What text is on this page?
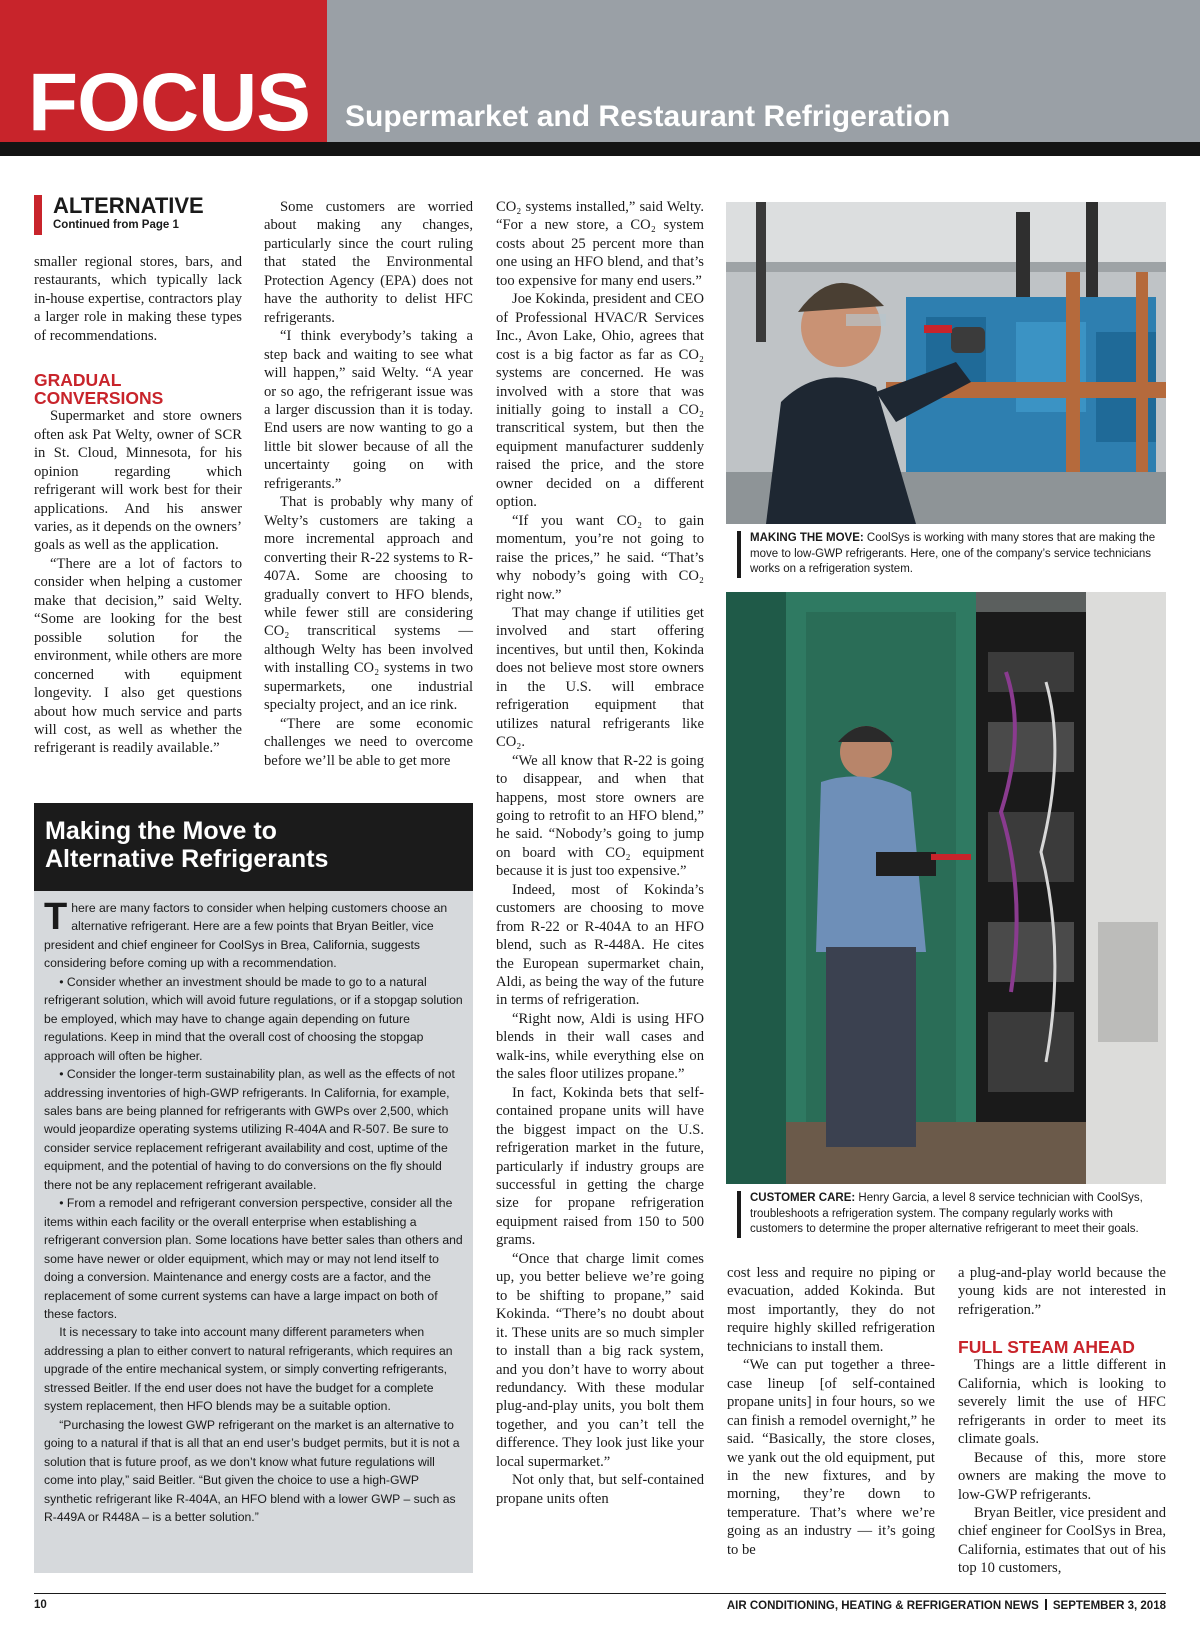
FOCUS Supermarket and Restaurant Refrigeration
ALTERNATIVE
Continued from Page 1

smaller regional stores, bars, and restaurants, which typically lack in-house expertise, contractors play a larger role in making these types of recommendations.

GRADUAL CONVERSIONS

Supermarket and store owners often ask Pat Welty, owner of SCR in St. Cloud, Minnesota, for his opinion regarding which refrigerant will work best for their applications. And his answer varies, as it depends on the owners’ goals as well as the application.

“There are a lot of factors to consider when helping a customer make that decision,” said Welty. “Some are looking for the best possible solution for the environment, while others are more concerned with equipment longevity. I also get questions about how much service and parts will cost, as well as whether the refrigerant is readily available.”

Some customers are worried about making any changes, particularly since the court ruling that stated the Environmental Protection Agency (EPA) does not have the authority to delist HFC refrigerants.

“I think everybody’s taking a step back and waiting to see what will happen,” said Welty. “A year or so ago, the refrigerant issue was a larger discussion than it is today. End users are now wanting to go a little bit slower because of all the uncertainty going on with refrigerants.”

That is probably why many of Welty’s customers are taking a more incremental approach and converting their R-22 systems to R-407A. Some are choosing to gradually convert to HFO blends, while fewer still are considering CO₂ transcritical systems — although Welty has been involved with installing CO₂ systems in two supermarkets, one industrial specialty project, and an ice rink.

“There are some economic challenges we need to overcome before we’ll be able to get more

Making the Move to
Alternative Refrigerants

There are many factors to consider when helping customers choose an alternative refrigerant. Here are a few points that Bryan Beitler, vice president and chief engineer for CoolSys in Brea, California, suggests considering before coming up with a recommendation.

• Consider whether an investment should be made to go to a natural refrigerant solution, which will avoid future regulations, or if a stopgap solution be employed, which may have to change again depending on future regulations. Keep in mind that the overall cost of choosing the stopgap approach will often be higher.

• Consider the longer-term sustainability plan, as well as the effects of not addressing inventories of high-GWP refrigerants. In California, for example, sales bans are being planned for refrigerants with GWPs over 2,500, which would jeopardize operating systems utilizing R-404A and R-507. Be sure to consider service replacement refrigerant availability and cost, uptime of the equipment, and the potential of having to do conversions on the fly should there not be any replacement refrigerant available.

• From a remodel and refrigerant conversion perspective, consider all the items within each facility or the overall enterprise when establishing a refrigerant conversion plan. Some locations have better sales than others and some have newer or older equipment, which may or may not lend itself to doing a conversion. Maintenance and energy costs are a factor, and the replacement of some current systems can have a large impact on both of these factors.

It is necessary to take into account many different parameters when addressing a plan to either convert to natural refrigerants, which requires an upgrade of the entire mechanical system, or simply converting refrigerants, stressed Beitler. If the end user does not have the budget for a complete system replacement, then HFO blends may be a suitable option.

“Purchasing the lowest GWP refrigerant on the market is an alternative to going to a natural if that is all that an end user’s budget permits, but it is not a solution that is future proof, as we don’t know what future regulations will come into play,” said Beitler. “But given the choice to use a high-GWP synthetic refrigerant like R-404A, an HFO blend with a lower GWP – such as R-449A or R448A – is a better solution.”

CO₂ systems installed,” said Welty. “For a new store, a CO₂ system costs about 25 percent more than one using an HFO blend, and that’s too expensive for many end users.”

Joe Kokinda, president and CEO of Professional HVAC/R Services Inc., Avon Lake, Ohio, agrees that cost is a big factor as far as CO₂ systems are concerned. He was involved with a store that was initially going to install a CO₂ transcritical system, but then the equipment manufacturer suddenly raised the price, and the store owner decided on a different option.

“If you want CO₂ to gain momentum, you’re not going to raise the prices,” he said. “That’s why nobody’s going with CO₂ right now.”

That may change if utilities get involved and start offering incentives, but until then, Kokinda does not believe most store owners in the U.S. will embrace refrigeration equipment that utilizes natural refrigerants like CO₂.

“We all know that R-22 is going to disappear, and when that happens, most store owners are going to retrofit to an HFO blend,” he said. “Nobody’s going to jump on board with CO₂ equipment because it is just too expensive.”

Indeed, most of Kokinda’s customers are choosing to move from R-22 or R-404A to an HFO blend, such as R-448A. He cites the European supermarket chain, Aldi, as being the way of the future in terms of refrigeration.

“Right now, Aldi is using HFO blends in their wall cases and walk-ins, while everything else on the sales floor utilizes propane.”

In fact, Kokinda bets that self-contained propane units will have the biggest impact on the U.S. refrigeration market in the future, particularly if industry groups are successful in getting the charge size for propane refrigeration equipment raised from 150 to 500 grams.

“Once that charge limit comes up, you better believe we’re going to be shifting to propane,” said Kokinda. “There’s no doubt about it. These units are so much simpler to install than a big rack system, and you don’t have to worry about redundancy. With these modular plug-and-play units, you bolt them together, and you can’t tell the difference. They look just like your local supermarket.”

Not only that, but self-contained propane units often

MAKING THE MOVE: CoolSys is working with many stores that are making the move to low-GWP refrigerants. Here, one of the company’s service technicians works on a refrigeration system.
CUSTOMER CARE: Henry Garcia, a level 8 service technician with CoolSys, troubleshoots a refrigeration system. The company regularly works with customers to determine the proper alternative refrigerant to meet their goals.

cost less and require no piping or evacuation, added Kokinda. But most importantly, they do not require highly skilled refrigeration technicians to install them.

“We can put together a three-case lineup [of self-contained propane units] in four hours, so we can finish a remodel overnight,” he said. “Basically, the store closes, we yank out the old equipment, put in the new fixtures, and by morning, they’re down to temperature. That’s where we’re going as an industry — it’s going to be

a plug-and-play world because the young kids are not interested in refrigeration.”

FULL STEAM AHEAD

Things are a little different in California, which is looking to severely limit the use of HFC refrigerants in order to meet its climate goals.

Because of this, more store owners are making the move to low-GWP refrigerants.

Bryan Beitler, vice president and chief engineer for CoolSys in Brea, California, estimates that out of his top 10 customers,

10	AIR CONDITIONING, HEATING & REFRIGERATION NEWS SEPTEMBER 3, 2018
